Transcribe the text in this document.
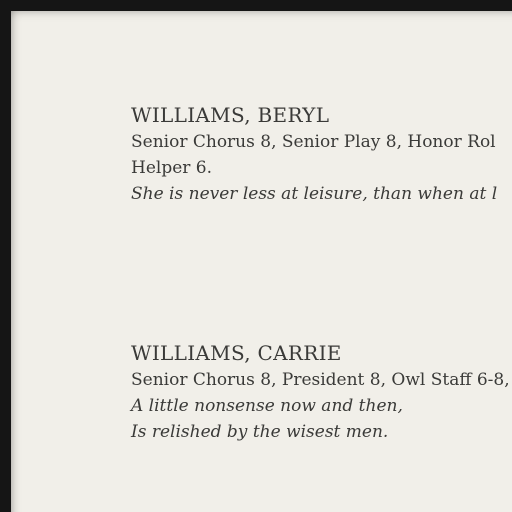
WILLIAMS, BERYL
Senior Chorus 8, Senior Play 8, Honor Rol
Helper 6.
She is never less at leisure, than when at l
WILLIAMS, CARRIE
Senior Chorus 8, President 8, Owl Staff 6-8,
A little nonsense now and then,
Is relished by the wisest men.
